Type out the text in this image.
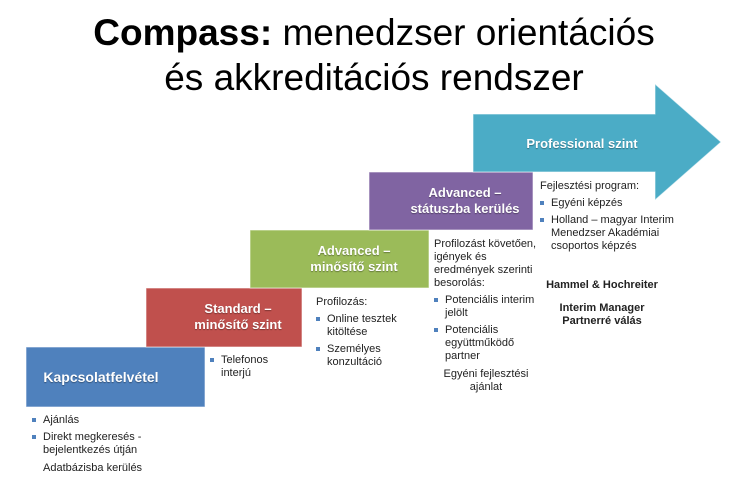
Compass: menedzser orientációs
és akkreditációs rendszer
Kapcsolatfelvétel
Standard – minősítő szint
Advanced – minősítő szint
Advanced – státuszba kerülés
Professional szint
Ajánlás
Direkt megkeresés - bejelentkezés útján
Adatbázisba kerülés
Telefonos interjú
Profilozás:
Online tesztek kitöltése
Személyes konzultáció
Profilozást követően, igények és eredmények szerinti besorolás:
Potenciális interim jelölt
Potenciális együttműködő partner
Egyéni fejlesztési ajánlat
Fejlesztési program:
Egyéni képzés
Holland – magyar Interim Menedzser Akadémiai csoportos képzés
Hammel & Hochreiter
Interim Manager Partnerré válás
